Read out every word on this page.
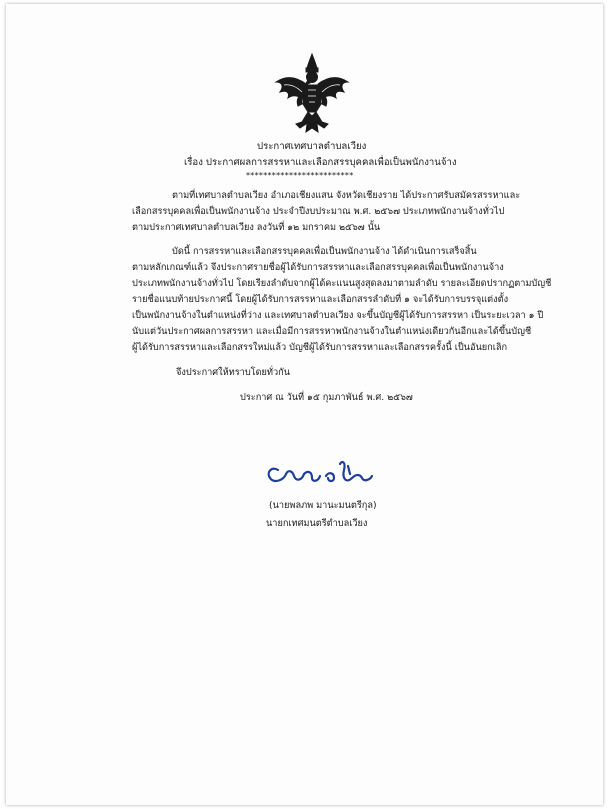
ประกาศเทศบาลตำบลเวียง
เรื่อง ประกาศผลการสรรหาและเลือกสรรบุคคลเพื่อเป็นพนักงานจ้าง
*************************
ตามที่เทศบาลตำบลเวียง อำเภอเชียงแสน จังหวัดเชียงราย ได้ประกาศรับสมัครสรรหาและ
เลือกสรรบุคคลเพื่อเป็นพนักงานจ้าง ประจำปีงบประมาณ พ.ศ. ๒๕๖๗ ประเภทพนักงานจ้างทั่วไป
ตามประกาศเทศบาลตำบลเวียง ลงวันที่ ๑๒ มกราคม ๒๕๖๗ นั้น
บัดนี้ การสรรหาและเลือกสรรบุคคลเพื่อเป็นพนักงานจ้าง ได้ดำเนินการเสร็จสิ้น
ตามหลักเกณฑ์แล้ว จึงประกาศรายชื่อผู้ได้รับการสรรหาและเลือกสรรบุคคลเพื่อเป็นพนักงานจ้าง
ประเภทพนักงานจ้างทั่วไป โดยเรียงลำดับจากผู้ได้คะแนนสูงสุดลงมาตามลำดับ รายละเอียดปรากฏตามบัญชี
รายชื่อแนบท้ายประกาศนี้ โดยผู้ได้รับการสรรหาและเลือกสรรลำดับที่ ๑ จะได้รับการบรรจุแต่งตั้ง
เป็นพนักงานจ้างในตำแหน่งที่ว่าง และเทศบาลตำบลเวียง จะขึ้นบัญชีผู้ได้รับการสรรหา เป็นระยะเวลา ๑ ปี
นับแต่วันประกาศผลการสรรหา และเมื่อมีการสรรหาพนักงานจ้างในตำแหน่งเดียวกันอีกและได้ขึ้นบัญชี
ผู้ได้รับการสรรหาและเลือกสรรใหม่แล้ว บัญชีผู้ได้รับการสรรหาและเลือกสรรครั้งนี้ เป็นอันยกเลิก
จึงประกาศให้ทราบโดยทั่วกัน
ประกาศ ณ วันที่ ๑๕ กุมภาพันธ์ พ.ศ. ๒๕๖๗
(นายพลภพ มานะมนตรีกุล)
นายกเทศมนตรีตำบลเวียง
